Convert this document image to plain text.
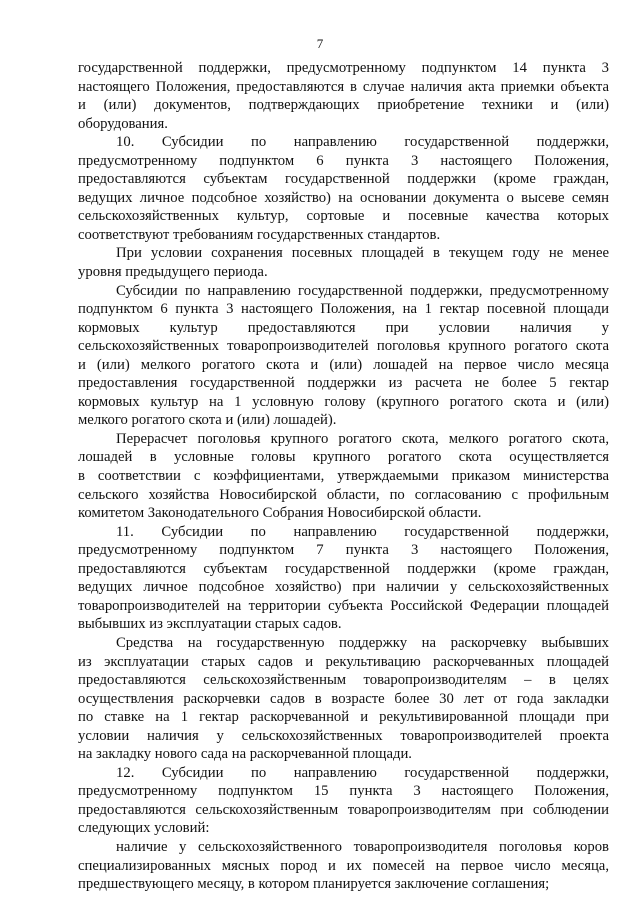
7
государственной поддержки, предусмотренному подпунктом 14 пункта 3
настоящего Положения, предоставляются в случае наличия акта приемки объекта
и (или) документов, подтверждающих приобретение техники и (или)
оборудования.
10. Субсидии по направлению государственной поддержки,
предусмотренному подпунктом 6 пункта 3 настоящего Положения,
предоставляются субъектам государственной поддержки (кроме граждан,
ведущих личное подсобное хозяйство) на основании документа о высеве семян
сельскохозяйственных культур, сортовые и посевные качества которых
соответствуют требованиям государственных стандартов.
При условии сохранения посевных площадей в текущем году не менее
уровня предыдущего периода.
Субсидии по направлению государственной поддержки, предусмотренному
подпунктом 6 пункта 3 настоящего Положения, на 1 гектар посевной площади
кормовых культур предоставляются при условии наличия у
сельскохозяйственных товаропроизводителей поголовья крупного рогатого скота
и (или) мелкого рогатого скота и (или) лошадей на первое число месяца
предоставления государственной поддержки из расчета не более 5 гектар
кормовых культур на 1 условную голову (крупного рогатого скота и (или)
мелкого рогатого скота и (или) лошадей).
Перерасчет поголовья крупного рогатого скота, мелкого рогатого скота,
лошадей в условные головы крупного рогатого скота осуществляется
в соответствии с коэффициентами, утверждаемыми приказом министерства
сельского хозяйства Новосибирской области, по согласованию с профильным
комитетом Законодательного Собрания Новосибирской области.
11. Субсидии по направлению государственной поддержки,
предусмотренному подпунктом 7 пункта 3 настоящего Положения,
предоставляются субъектам государственной поддержки (кроме граждан,
ведущих личное подсобное хозяйство) при наличии у сельскохозяйственных
товаропроизводителей на территории субъекта Российской Федерации площадей
выбывших из эксплуатации старых садов.
Средства на государственную поддержку на раскорчевку выбывших
из эксплуатации старых садов и рекультивацию раскорчеванных площадей
предоставляются сельскохозяйственным товаропроизводителям – в целях
осуществления раскорчевки садов в возрасте более 30 лет от года закладки
по ставке на 1 гектар раскорчеванной и рекультивированной площади при
условии наличия у сельскохозяйственных товаропроизводителей проекта
на закладку нового сада на раскорчеванной площади.
12. Субсидии по направлению государственной поддержки,
предусмотренному подпунктом 15 пункта 3 настоящего Положения,
предоставляются сельскохозяйственным товаропроизводителям при соблюдении
следующих условий:
наличие у сельскохозяйственного товаропроизводителя поголовья коров
специализированных мясных пород и их помесей на первое число месяца,
предшествующего месяцу, в котором планируется заключение соглашения;
